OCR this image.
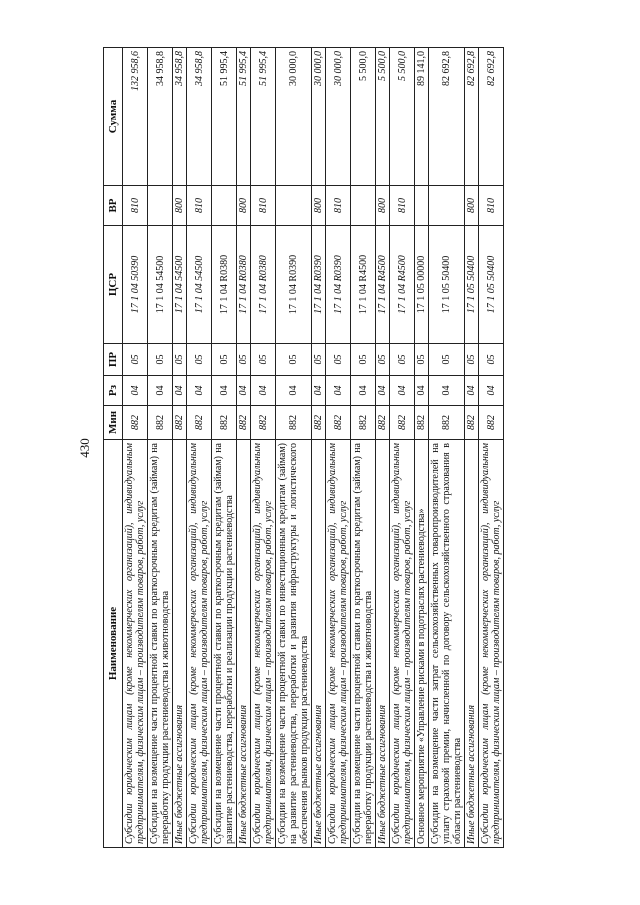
430
Наименование	Мин	Рз	ПР	ЦСР	ВР	Сумма
Субсидии юридическим лицам (кроме некоммерческих организаций), индивидуальным предпринимателям, физическим лицам – производителям товаров, работ, услуг	882	04	05	17 1 04 50390	810	132 958,6
Субсидии на возмещение части процентной ставки по краткосрочным кредитам (займам) на переработку продукции растениеводства и животноводства	882	04	05	17 1 04 54500		34 958,8
Иные бюджетные ассигнования	882	04	05	17 1 04 54500	800	34 958,8
Субсидии юридическим лицам (кроме некоммерческих организаций), индивидуальным предпринимателям, физическим лицам – производителям товаров, работ, услуг	882	04	05	17 1 04 54500	810	34 958,8
Субсидии на возмещение части процентной ставки по краткосрочным кредитам (займам) на развитие растениеводства, переработки и реализации продукции растениеводства	882	04	05	17 1 04 R0380		51 995,4
Иные бюджетные ассигнования	882	04	05	17 1 04 R0380	800	51 995,4
Субсидии юридическим лицам (кроме некоммерческих организаций), индивидуальным предпринимателям, физическим лицам – производителям товаров, работ, услуг	882	04	05	17 1 04 R0380	810	51 995,4
Субсидии на возмещение части процентной ставки по инвестиционным кредитам (займам) на развитие растениеводства, переработки и развития инфраструктуры и логистического обеспечения рынков продукции растениеводства	882	04	05	17 1 04 R0390		30 000,0
Иные бюджетные ассигнования	882	04	05	17 1 04 R0390	800	30 000,0
Субсидии юридическим лицам (кроме некоммерческих организаций), индивидуальным предпринимателям, физическим лицам – производителям товаров, работ, услуг	882	04	05	17 1 04 R0390	810	30 000,0
Субсидии на возмещение части процентной ставки по краткосрочным кредитам (займам) на переработку продукции растениеводства и животноводства	882	04	05	17 1 04 R4500		5 500,0
Иные бюджетные ассигнования	882	04	05	17 1 04 R4500	800	5 500,0
Субсидии юридическим лицам (кроме некоммерческих организаций), индивидуальным предпринимателям, физическим лицам – производителям товаров, работ, услуг	882	04	05	17 1 04 R4500	810	5 500,0
Основное мероприятие «Управление рисками в подотраслях растениеводства»	882	04	05	17 1 05 00000		89 141,0
Субсидии на возмещение части затрат сельскохозяйственных товаропроизводителей на уплату страховой премии, начисленной по договору сельскохозяйственного страхования в области растениеводства	882	04	05	17 1 05 50400		82 692,8
Иные бюджетные ассигнования	882	04	05	17 1 05 50400	800	82 692,8
Субсидии юридическим лицам (кроме некоммерческих организаций), индивидуальным предпринимателям, физическим лицам – производителям товаров, работ, услуг	882	04	05	17 1 05 50400	810	82 692,8
